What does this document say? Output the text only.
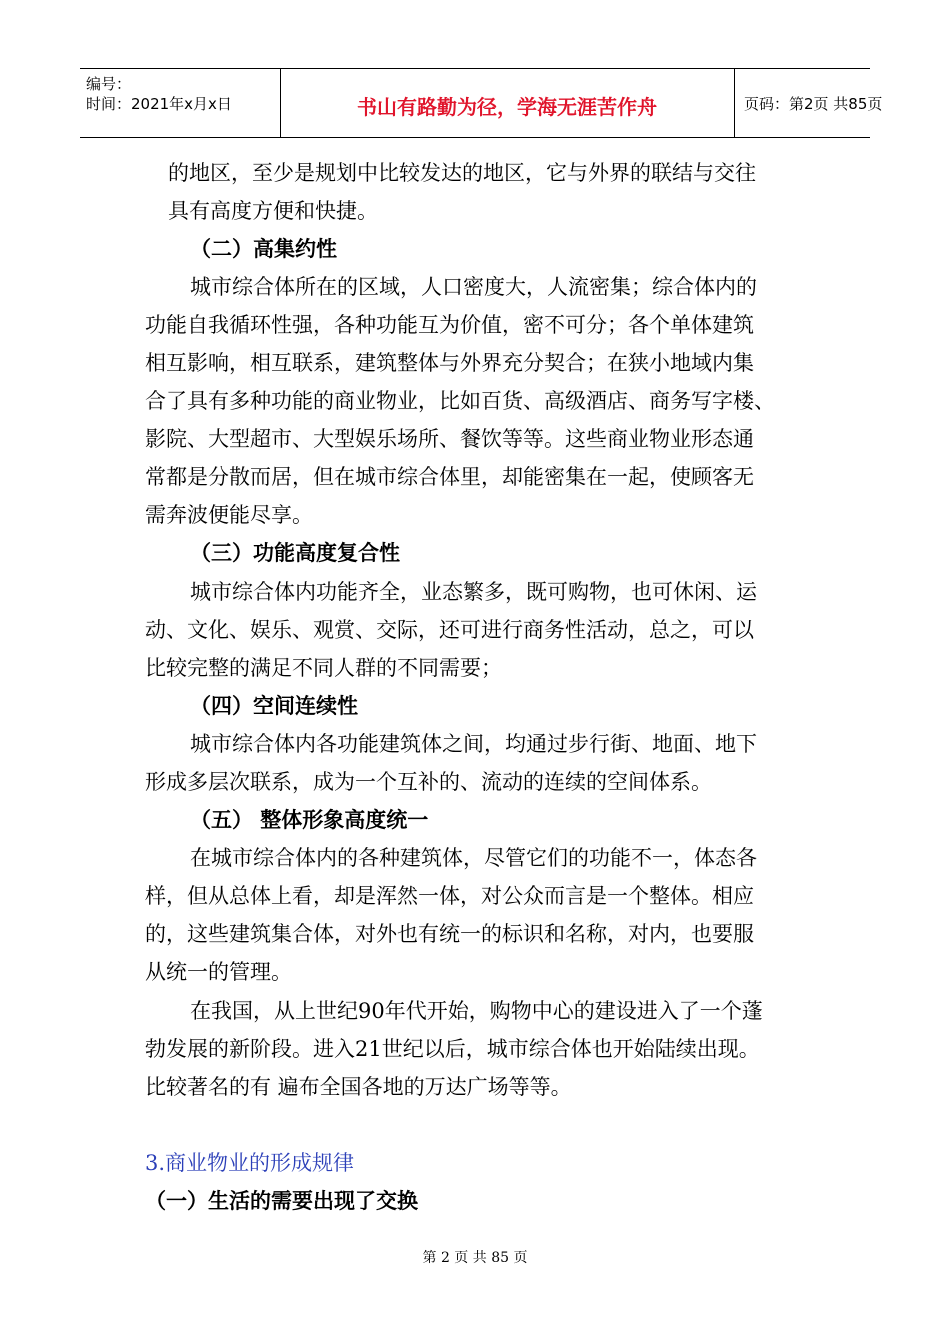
编号：
时间：2021年x月x日	书山有路勤为径，学海无涯苦作舟	页码：第2页 共85页
的地区，至少是规划中比较发达的地区，它与外界的联结与交往
具有高度方便和快捷。
（二）高集约性
城市综合体所在的区域，人口密度大，人流密集；综合体内的
功能自我循环性强，各种功能互为价值，密不可分；各个单体建筑
相互影响，相互联系，建筑整体与外界充分契合；在狭小地域内集
合了具有多种功能的商业物业，比如百货、高级酒店、商务写字楼、
影院、大型超市、大型娱乐场所、餐饮等等。这些商业物业形态通
常都是分散而居，但在城市综合体里，却能密集在一起，使顾客无
需奔波便能尽享。
（三）功能高度复合性
城市综合体内功能齐全，业态繁多，既可购物，也可休闲、运
动、文化、娱乐、观赏、交际，还可进行商务性活动，总之，可以
比较完整的满足不同人群的不同需要；
（四）空间连续性
城市综合体内各功能建筑体之间，均通过步行街、地面、地下
形成多层次联系，成为一个互补的、流动的连续的空间体系。
（五） 整体形象高度统一
在城市综合体内的各种建筑体，尽管它们的功能不一，体态各
样，但从总体上看，却是浑然一体，对公众而言是一个整体。相应
的，这些建筑集合体，对外也有统一的标识和名称，对内，也要服
从统一的管理。
在我国，从上世纪90年代开始，购物中心的建设进入了一个蓬
勃发展的新阶段。进入21世纪以后，城市综合体也开始陆续出现。
比较著名的有 遍布全国各地的万达广场等等。
3.商业物业的形成规律
（一）生活的需要出现了交换
第 2 页 共 85 页
